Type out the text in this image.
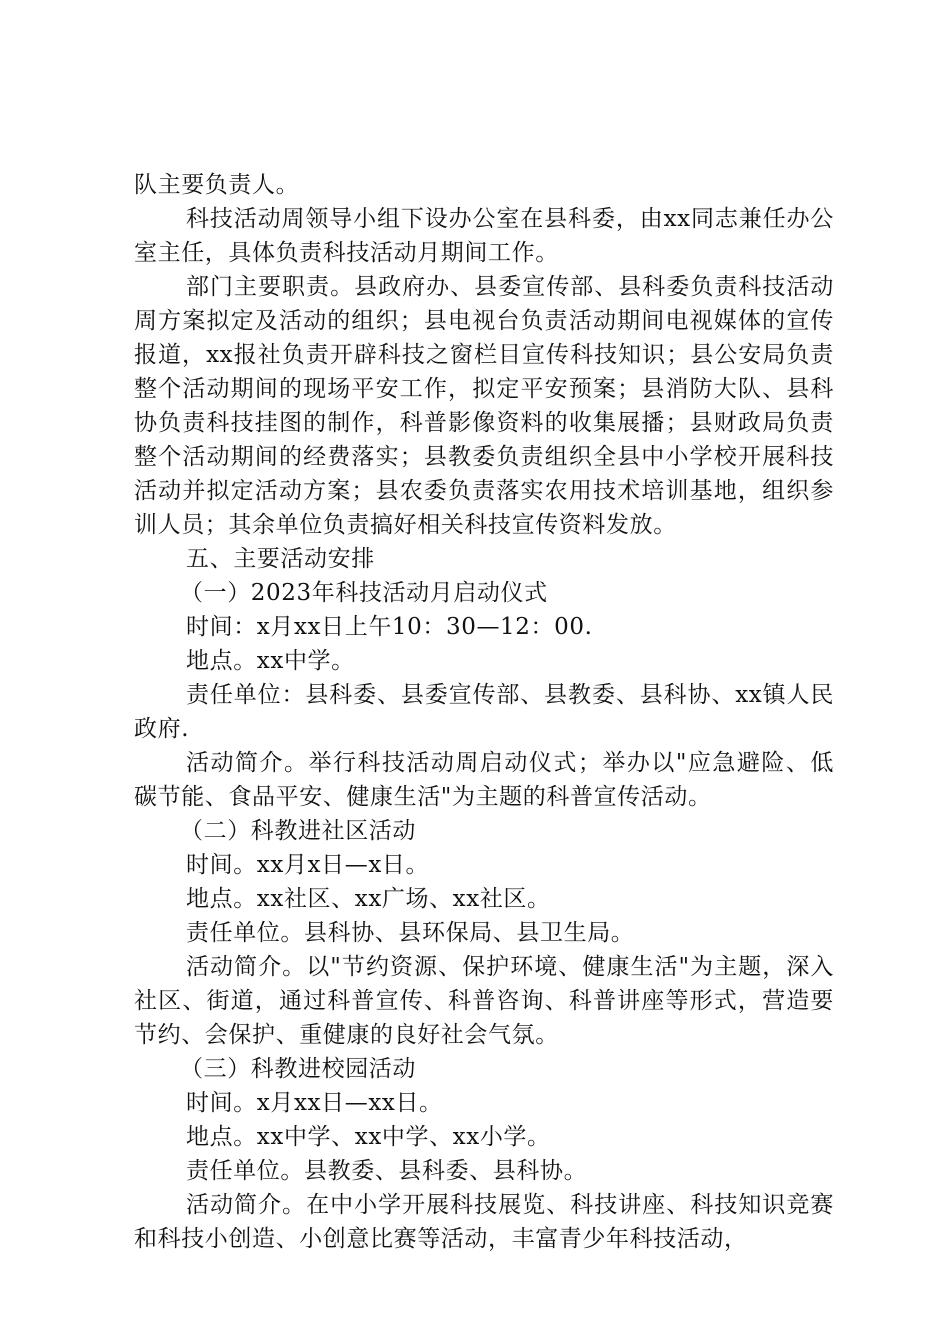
队主要负责人。

科技活动周领导小组下设办公室在县科委，由xx同志兼任办公室主任，具体负责科技活动月期间工作。

部门主要职责。县政府办、县委宣传部、县科委负责科技活动周方案拟定及活动的组织；县电视台负责活动期间电视媒体的宣传报道，xx报社负责开辟科技之窗栏目宣传科技知识；县公安局负责整个活动期间的现场平安工作，拟定平安预案；县消防大队、县科协负责科技挂图的制作，科普影像资料的收集展播；县财政局负责整个活动期间的经费落实；县教委负责组织全县中小学校开展科技活动并拟定活动方案；县农委负责落实农用技术培训基地，组织参训人员；其余单位负责搞好相关科技宣传资料发放。

五、主要活动安排

（一）2023年科技活动月启动仪式

时间：x月xx日上午10：30—12：00.

地点。xx中学。

责任单位：县科委、县委宣传部、县教委、县科协、xx镇人民政府.

活动简介。举行科技活动周启动仪式；举办以"应急避险、低碳节能、食品平安、健康生活"为主题的科普宣传活动。

（二）科教进社区活动

时间。xx月x日—x日。

地点。xx社区、xx广场、xx社区。

责任单位。县科协、县环保局、县卫生局。

活动简介。以"节约资源、保护环境、健康生活"为主题，深入社区、街道，通过科普宣传、科普咨询、科普讲座等形式，营造要节约、会保护、重健康的良好社会气氛。

（三）科教进校园活动

时间。x月xx日—xx日。

地点。xx中学、xx中学、xx小学。

责任单位。县教委、县科委、县科协。

活动简介。在中小学开展科技展览、科技讲座、科技知识竞赛和科技小创造、小创意比赛等活动，丰富青少年科技活动，
